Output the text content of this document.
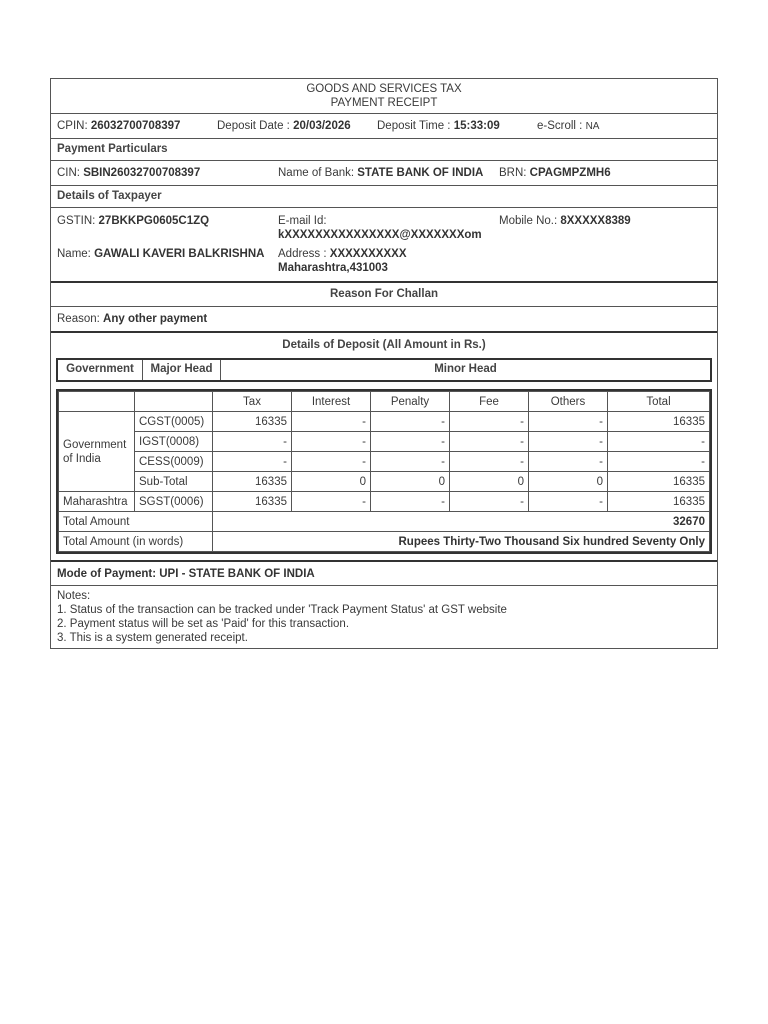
GOODS AND SERVICES TAX
PAYMENT RECEIPT
CPIN: 26032700708397	Deposit Date : 20/03/2026 Deposit Time : 15:33:09	e-Scroll : NA
Payment Particulars
CIN: SBIN26032700708397	Name of Bank: STATE BANK OF INDIA BRN: CPAGMPZMH6
Details of Taxpayer
GSTIN: 27BKKPG0605C1ZQ	E-mail Id:
kXXXXXXXXXXXXXXX@XXXXXXXom
Mobile No.: 8XXXXX8389
Name: GAWALI KAVERI BALKRISHNA Address : XXXXXXXXXX
Maharashtra,431003
Reason For Challan
Reason: Any other payment
Details of Deposit (All Amount in Rs.)
Government	Major Head	Minor Head
		Tax	Interest	Penalty	Fee	Others	Total
Government of India	CGST(0005)	16335	-	-	-	-	16335
	IGST(0008)	-	-	-	-	-	-
	CESS(0009)	-	-	-	-	-	-
	Sub-Total	16335	0	0	0	0	16335
Maharashtra	SGST(0006)	16335	-	-	-	-	16335
Total Amount		32670					
Total Amount (in words)		Rupees Thirty-Two Thousand Six hundred Seventy Only					
Mode of Payment: UPI - STATE BANK OF INDIA
Notes:
1. Status of the transaction can be tracked under 'Track Payment Status' at GST website
2. Payment status will be set as 'Paid' for this transaction.
3. This is a system generated receipt.
